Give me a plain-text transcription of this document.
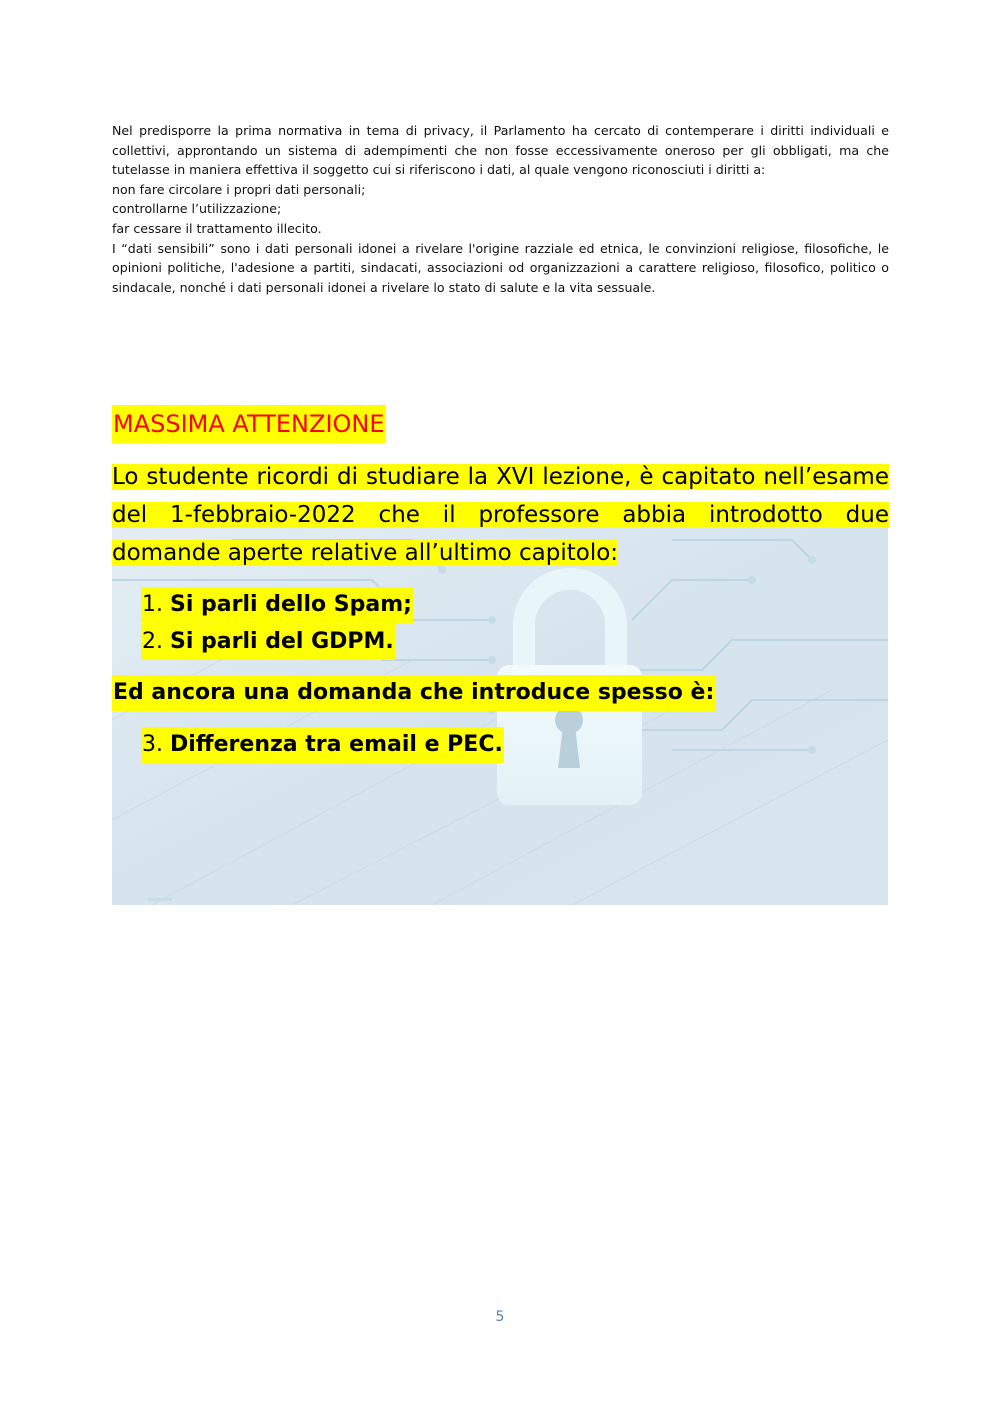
Nel predisporre la prima normativa in tema di privacy, il Parlamento ha cercato di contemperare i diritti individuali e collettivi, approntando un sistema di adempimenti che non fosse eccessivamente oneroso per gli obbligati, ma che tutelasse in maniera effettiva il soggetto cui si riferiscono i dati, al quale vengono riconosciuti i diritti a:

non fare circolare i propri dati personali;

controllarne l’utilizzazione;

far cessare il trattamento illecito.

I “dati sensibili” sono i dati personali idonei a rivelare l'origine razziale ed etnica, le convinzioni religiose, filosofiche, le opinioni politiche, l'adesione a partiti, sindacati, associazioni od organizzazioni a carattere religioso, filosofico, politico o sindacale, nonché i dati personali idonei a rivelare lo stato di salute e la vita sessuale.

MASSIMA ATTENZIONE
Lo studente ricordi di studiare la XVI lezione, è capitato nell’esame del 1-febbraio-2022 che il professore abbia introdotto due domande aperte relative all’ultimo capitolo:
1. Si parli dello Spam;
2. Si parli del GDPM.
Ed ancora una domanda che introduce spesso è:
3. Differenza tra email e PEC.
5
